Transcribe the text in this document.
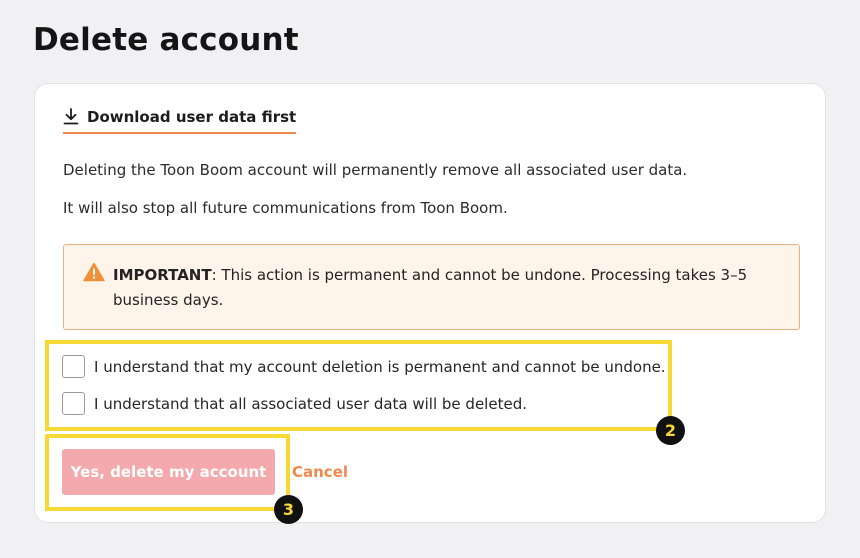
Delete account
Download user data first

Deleting the Toon Boom account will permanently remove all associated user data.

It will also stop all future communications from Toon Boom.

IMPORTANT: This action is permanent and cannot be undone. Processing takes 3–5 business days.
I understand that my account deletion is permanent and cannot be undone.
I understand that all associated user data will be deleted.
Yes, delete my account	Cancel
2
3
